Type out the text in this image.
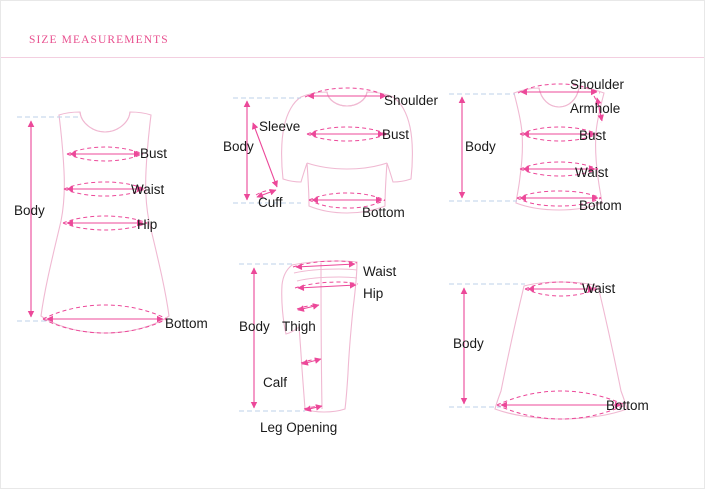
SIZE MEASUREMENTS
Bust
Waist
Hip
Body
Bottom
Shoulder
Sleeve
Bust
Body
Cuff
Bottom
Shoulder
Armhole
Bust
Body
Waist
Bottom
Waist
Hip
Body Thigh
Calf
Leg Opening
Waist
Body
Bottom
